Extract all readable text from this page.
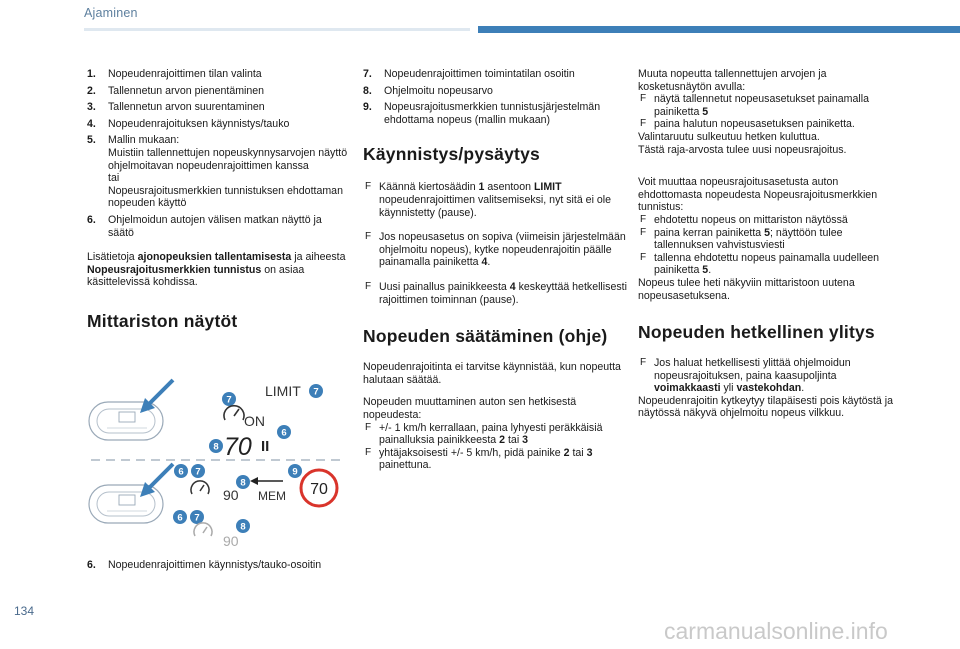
Ajaminen
1. Nopeudenrajoittimen tilan valinta
2. Tallennetun arvon pienentäminen
3. Tallennetun arvon suurentaminen
4. Nopeudenrajoituksen käynnistys/tauko
5. Mallin mukaan:
Muistiin tallennettujen nopeuskynnysarvojen näyttö ohjelmoitavan nopeudenrajoittimen kanssa
tai
Nopeusrajoitusmerkkien tunnistuksen ehdottaman nopeuden käyttö
6. Ohjelmoidun autojen välisen matkan näyttö ja säätö

Lisätietoja ajonopeuksien tallentamisesta ja aiheesta Nopeusrajoitusmerkkien tunnistus on asiaa käsittelevissä kohdissa.

Mittariston näytöt
LIMIT 7
7
ON
6
70 II
8
6 7
8
9
90 MEM 70
6 7
8
90
6. Nopeudenrajoittimen käynnistys/tauko-osoitin
7. Nopeudenrajoittimen toimintatilan osoitin
8. Ohjelmoitu nopeusarvo
9. Nopeusrajoitusmerkkien tunnistusjärjestelmän ehdottama nopeus (mallin mukaan)
Käynnistys/pysäytys
F Käännä kiertosäädin 1 asentoon LIMIT nopeudenrajoittimen valitsemiseksi, nyt sitä ei ole käynnistetty (pause).
F Jos nopeusasetus on sopiva (viimeisin järjestelmään ohjelmoitu nopeus), kytke nopeudenrajoitin päälle painamalla painiketta 4.
F Uusi painallus painikkeesta 4 keskeyttää hetkellisesti rajoittimen toiminnan (pause).
Nopeuden säätäminen (ohje)

Nopeudenrajoitinta ei tarvitse käynnistää, kun nopeutta halutaan säätää.

Nopeuden muuttaminen auton sen hetkisestä nopeudesta:

F +/- 1 km/h kerrallaan, paina lyhyesti peräkkäisiä painalluksia painikkeesta 2 tai 3
F yhtäjaksoisesti +/- 5 km/h, pidä painike 2 tai 3 painettuna.

Muuta nopeutta tallennettujen arvojen ja kosketusnäytön avulla:

F näytä tallennetut nopeusasetukset painamalla painiketta 5
F paina halutun nopeusasetuksen painiketta.
Valintaruutu sulkeutuu hetken kuluttua.
Tästä raja-arvosta tulee uusi nopeusrajoitus.

Voit muuttaa nopeusrajoitusasetusta auton ehdottomasta nopeudesta Nopeusrajoitusmerkkien tunnistus:

F ehdotettu nopeus on mittariston näytössä
F paina kerran painiketta 5; näyttöön tulee tallennuksen vahvistusviesti
F tallenna ehdotettu nopeus painamalla uudelleen painiketta 5.
Nopeus tulee heti näkyviin mittaristoon uutena nopeusasetuksena.
Nopeuden hetkellinen ylitys
F Jos haluat hetkellisesti ylittää ohjelmoidun nopeusrajoituksen, paina kaasupoljinta voimakkaasti yli vastekohdan.
Nopeudenrajoitin kytkeytyy tilapäisesti pois käytöstä ja näytössä näkyvä ohjelmoitu nopeus vilkkuu.
134
carmanualsonline.info
